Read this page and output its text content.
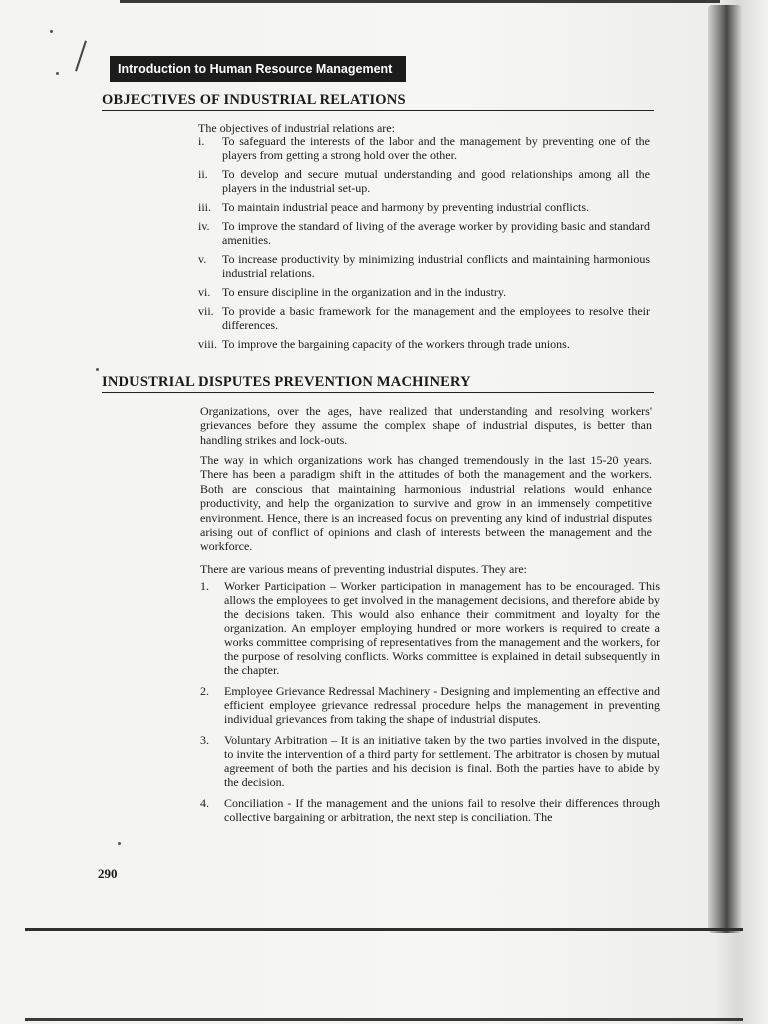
Introduction to Human Resource Management
OBJECTIVES OF INDUSTRIAL RELATIONS
The objectives of industrial relations are:
i.	To safeguard the interests of the labor and the management by preventing one of the players from getting a strong hold over the other.
ii.	To develop and secure mutual understanding and good relationships among all the players in the industrial set-up.
iii. To maintain industrial peace and harmony by preventing industrial conflicts.
iv.	To improve the standard of living of the average worker by providing basic and standard amenities.
v.	To increase productivity by minimizing industrial conflicts and maintaining harmonious industrial relations.
vi. To ensure discipline in the organization and in the industry.
vii. To provide a basic framework for the management and the employees to resolve their differences.
viii. To improve the bargaining capacity of the workers through trade unions.
INDUSTRIAL DISPUTES PREVENTION MACHINERY

Organizations, over the ages, have realized that understanding and resolving workers' grievances before they assume the complex shape of industrial disputes, is better than handling strikes and lock-outs.

The way in which organizations work has changed tremendously in the last 15-20 years. There has been a paradigm shift in the attitudes of both the management and the workers. Both are conscious that maintaining harmonious industrial relations would enhance productivity, and help the organization to survive and grow in an immensely competitive environment. Hence, there is an increased focus on preventing any kind of industrial disputes arising out of conflict of opinions and clash of interests between the management and the workforce.

There are various means of preventing industrial disputes. They are:

1.	Worker Participation – Worker participation in management has to be encouraged. This allows the employees to get involved in the management decisions, and therefore abide by the decisions taken. This would also enhance their commitment and loyalty for the organization. An employer employing hundred or more workers is required to create a works committee comprising of representatives from the management and the workers, for the purpose of resolving conflicts. Works committee is explained in detail subsequently in the chapter.
2.	Employee Grievance Redressal Machinery - Designing and implementing an effective and efficient employee grievance redressal procedure helps the management in preventing individual grievances from taking the shape of industrial disputes.
3.	Voluntary Arbitration – It is an initiative taken by the two parties involved in the dispute, to invite the intervention of a third party for settlement. The arbitrator is chosen by mutual agreement of both the parties and his decision is final. Both the parties have to abide by the decision.
4.	Conciliation - If the management and the unions fail to resolve their differences through collective bargaining or arbitration, the next step is conciliation. The
290
